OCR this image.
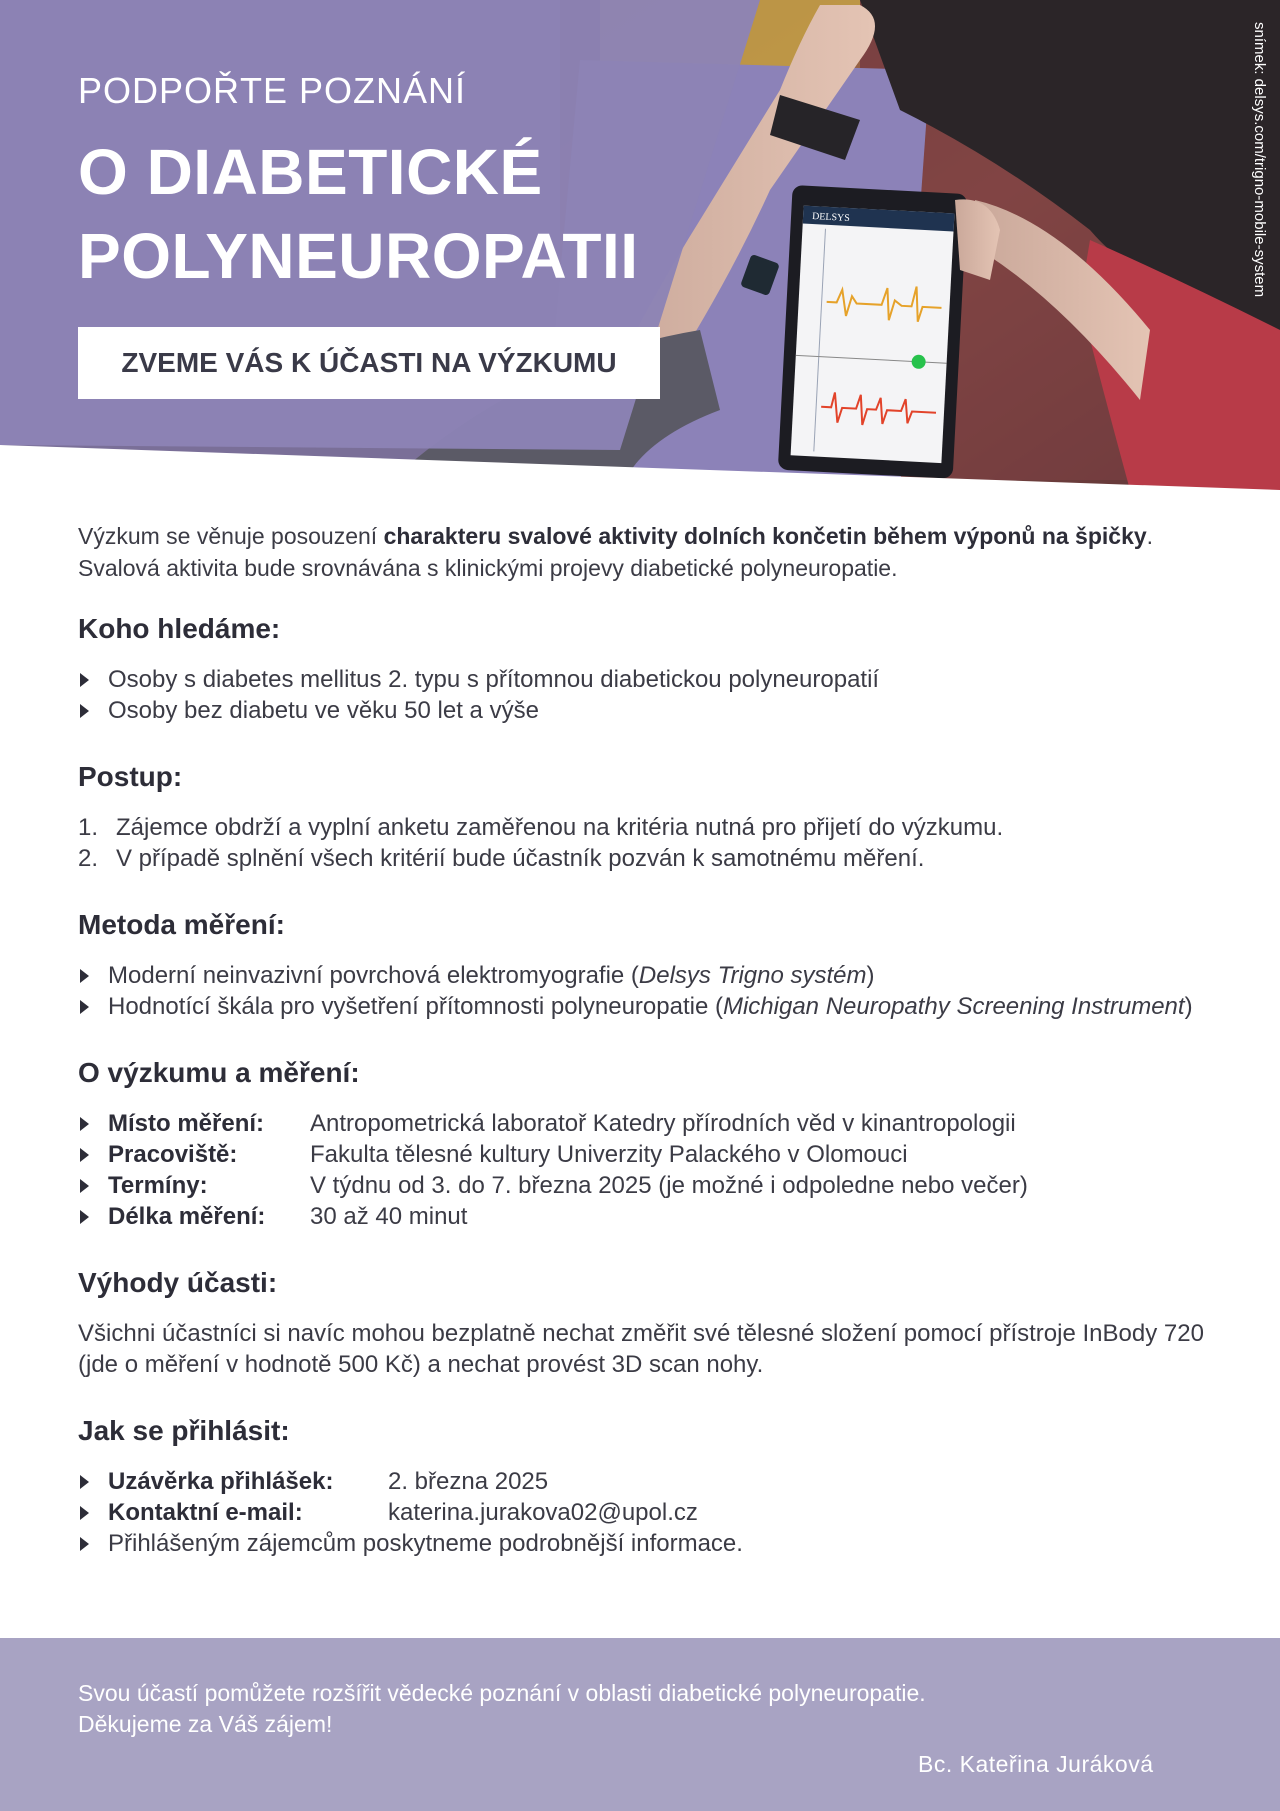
DELSYS
PODPOŘTE POZNÁNÍ
O DIABETICKÉ
POLYNEUROPATII
ZVEME VÁS K ÚČASTI NA VÝZKUMU
snímek: delsys.com/trigno-mobile-system

Výzkum se věnuje posouzení charakteru svalové aktivity dolních končetin během výponů na špičky. Svalová aktivita bude srovnávána s klinickými projevy diabetické polyneuropatie.

Koho hledáme:
Osoby s diabetes mellitus 2. typu s přítomnou diabetickou polyneuropatií
Osoby bez diabetu ve věku 50 let a výše
Postup:
1. Zájemce obdrží a vyplní anketu zaměřenou na kritéria nutná pro přijetí do výzkumu.
2. V případě splnění všech kritérií bude účastník pozván k samotnému měření.
Metoda měření:
Moderní neinvazivní povrchová elektromyografie (Delsys Trigno systém)
Hodnotící škála pro vyšetření přítomnosti polyneuropatie (Michigan Neuropathy Screening Instrument)
O výzkumu a měření:
Místo měření: Antropometrická laboratoř Katedry přírodních věd v kinantropologii
Pracoviště:	Fakulta tělesné kultury Univerzity Palackého v Olomouci
Termíny:	V týdnu od 3. do 7. března 2025 (je možné i odpoledne nebo večer)
Délka měření: 30 až 40 minut
Výhody účasti:

Všichni účastníci si navíc mohou bezplatně nechat změřit své tělesné složení pomocí přístroje InBody 720 (jde o měření v hodnotě 500 Kč) a nechat provést 3D scan nohy.

Jak se přihlásit:
Uzávěrka přihlášek: 2. března 2025
Kontaktní e-mail:	katerina.jurakova02@upol.cz
Přihlášeným zájemcům poskytneme podrobnější informace.
Svou účastí pomůžete rozšířit vědecké poznání v oblasti diabetické polyneuropatie.
Děkujeme za Váš zájem!
Bc. Kateřina Juráková
